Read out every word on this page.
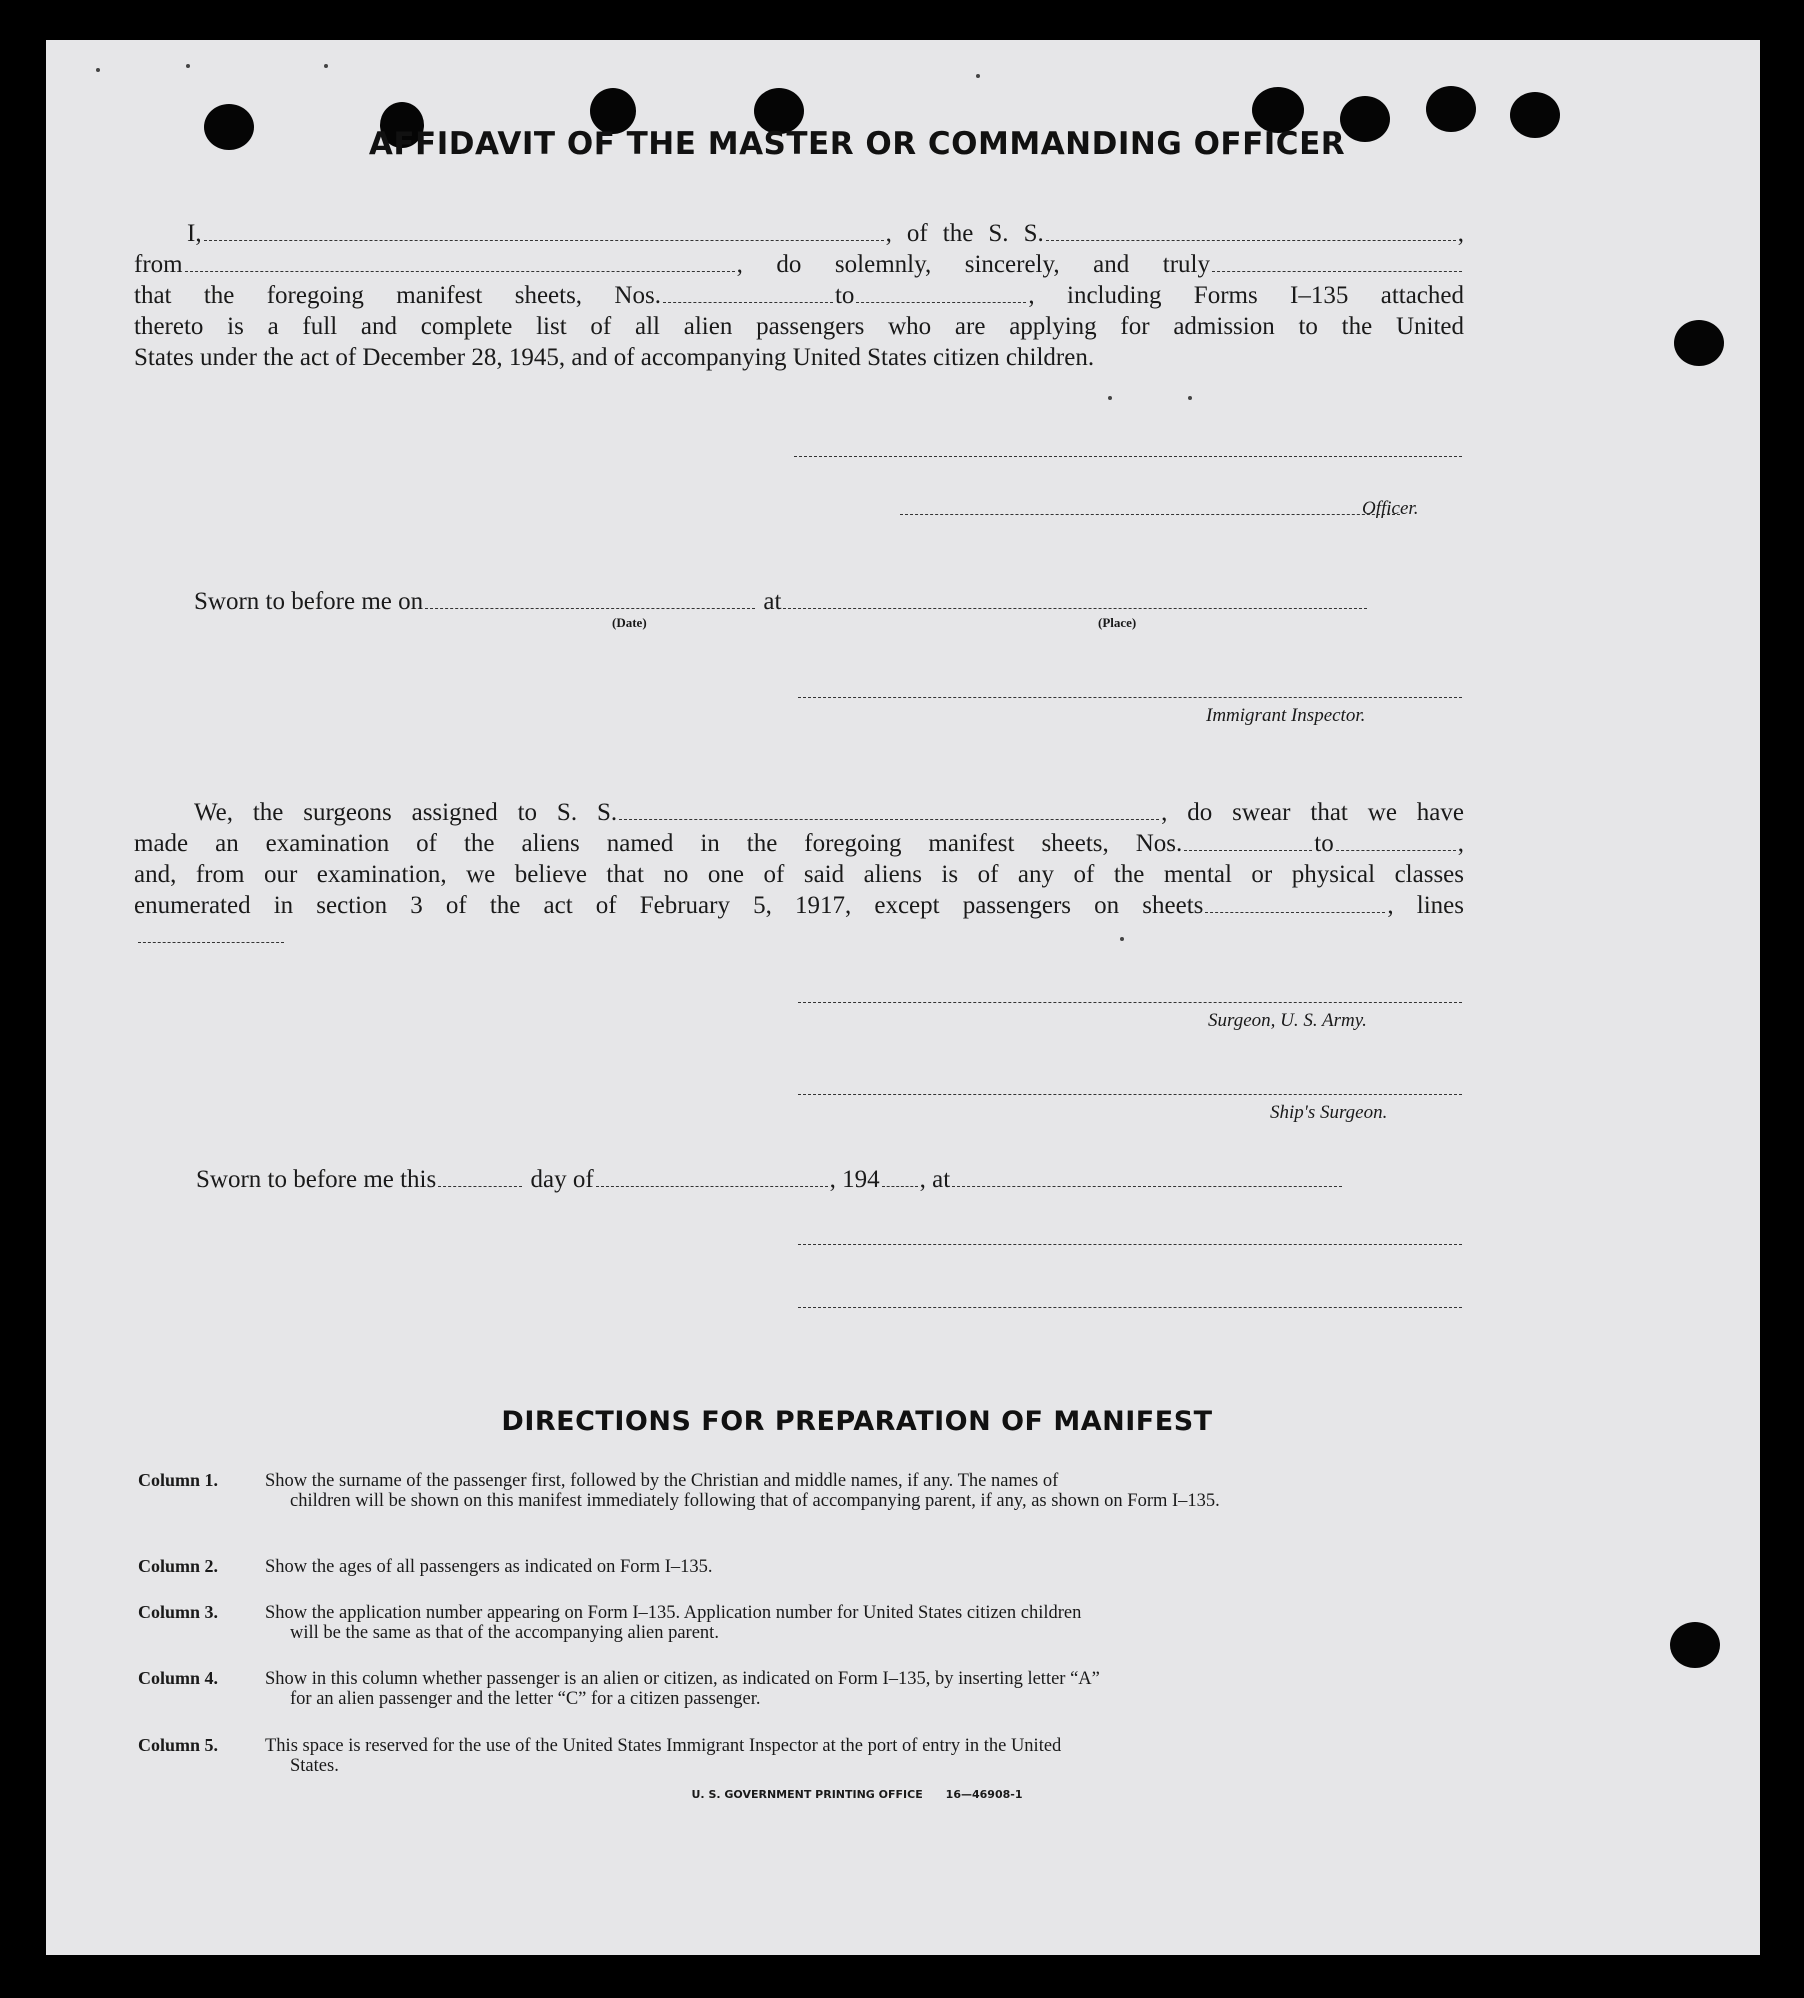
AFFIDAVIT OF THE MASTER OR COMMANDING OFFICER
I,	, of the S. S.	,
from	, do solemnly, sincerely, and truly
that the foregoing manifest sheets, Nos.	to	, including Forms I–135 attached
thereto is a full and complete list of all alien passengers who are applying for admission to the United
States under the act of December 28, 1945, and of accompanying United States citizen children.
Officer.
Sworn to before me on	at
(Date)	(Place)
Immigrant Inspector.
We, the surgeons assigned to S. S.	, do swear that we have
made an examination of the aliens named in the foregoing manifest sheets, Nos.	to	,
and, from our examination, we believe that no one of said aliens is of any of the mental or physical classes
enumerated in section 3 of the act of February 5, 1917, except passengers on sheets	, lines
Surgeon, U. S. Army.
Ship's Surgeon.
Sworn to before me this	day of	, 194 , at
DIRECTIONS FOR PREPARATION OF MANIFEST
Column 1.	Show the surname of the passenger first, followed by the Christian and middle names, if any. The names of
children will be shown on this manifest immediately following that of accompanying parent, if any, as shown on Form I–135.
Column 2.	Show the ages of all passengers as indicated on Form I–135.
Column 3.	Show the application number appearing on Form I–135. Application number for United States citizen children
will be the same as that of the accompanying alien parent.
Column 4.	Show in this column whether passenger is an alien or citizen, as indicated on Form I–135, by inserting letter “A”
for an alien passenger and the letter “C” for a citizen passenger.
Column 5.	This space is reserved for the use of the United States Immigrant Inspector at the port of entry in the United
States.
U. S. GOVERNMENT PRINTING OFFICE      16—46908-1
